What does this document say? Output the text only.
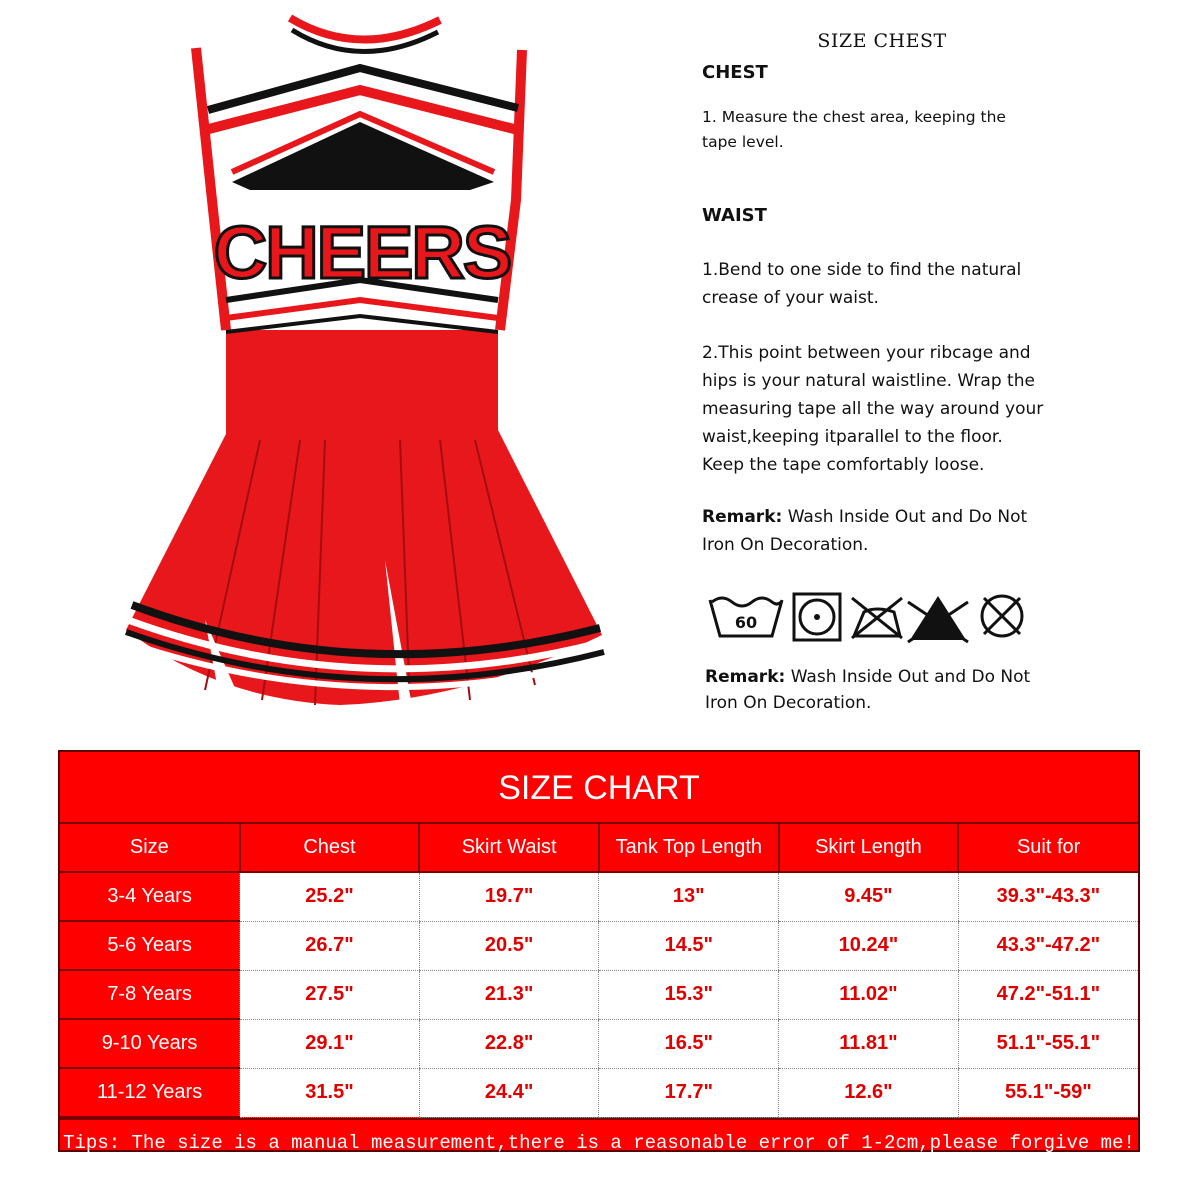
CHEERS
SIZE CHEST
CHEST
1. Measure the chest area, keeping the tape level.
WAIST
1.Bend to one side to find the natural crease of your waist.
2.This point between your ribcage and hips is your natural waistline. Wrap the measuring tape all the way around your waist,keeping itparallel to the floor. Keep the tape comfortably loose.
Remark: Wash Inside Out and Do Not Iron On Decoration.
60
Remark: Wash Inside Out and Do Not Iron On Decoration.
SIZE CHART
Size	Chest	Skirt Waist	Tank Top Length	Skirt Length	Suit for
3-4 Years	25.2"	19.7"	13"	9.45"	39.3"-43.3"
5-6 Years	26.7"	20.5"	14.5"	10.24"	43.3"-47.2"
7-8 Years	27.5"	21.3"	15.3"	11.02"	47.2"-51.1"
9-10 Years	29.1"	22.8"	16.5"	11.81"	51.1"-55.1"
11-12 Years	31.5"	24.4"	17.7"	12.6"	55.1"-59"
Tips: The size is a manual measurement,there is a reasonable error of 1-2cm,please forgive me!
